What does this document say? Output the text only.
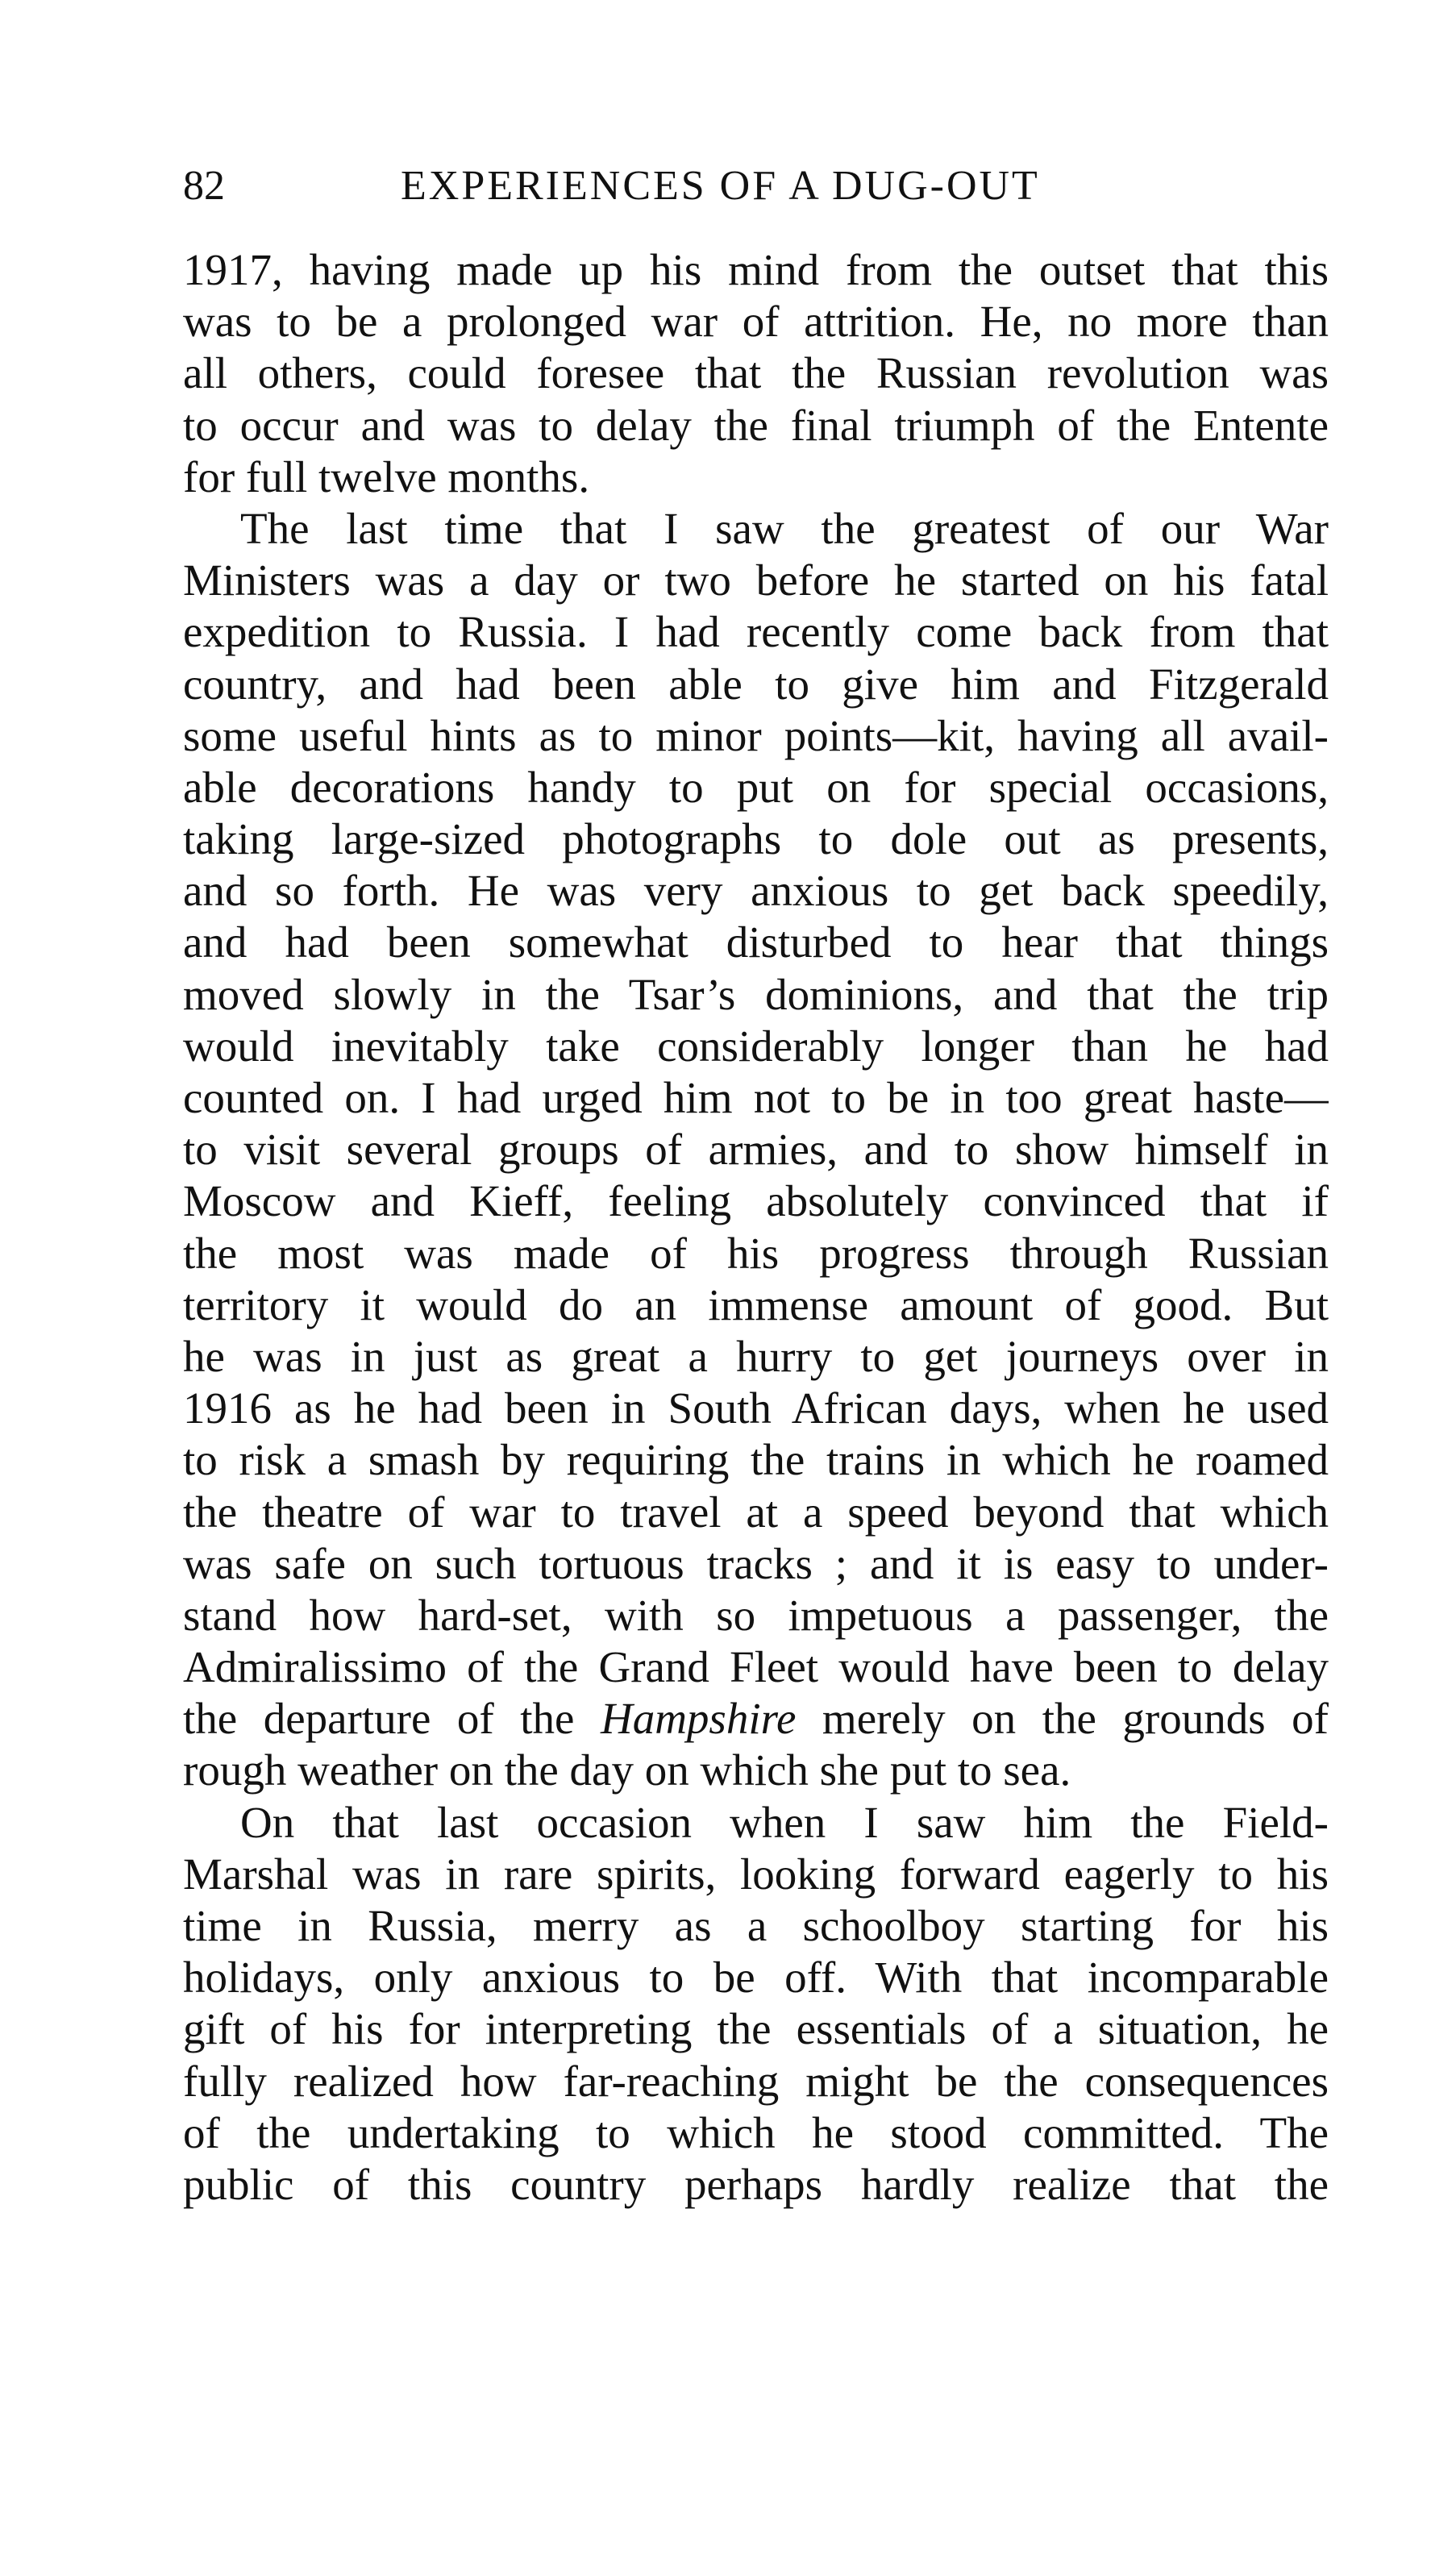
82	EXPERIENCES OF A DUG-OUT
1917, having made up his mind from the outset that this
was to be a prolonged war of attrition. He, no more than
all others, could foresee that the Russian revolution was
to occur and was to delay the final triumph of the Entente
for full twelve months.
The last time that I saw the greatest of our War
Ministers was a day or two before he started on his fatal
expedition to Russia. I had recently come back from that
country, and had been able to give him and Fitzgerald
some useful hints as to minor points—kit, having all avail-
able decorations handy to put on for special occasions,
taking large-sized photographs to dole out as presents,
and so forth. He was very anxious to get back speedily,
and had been somewhat disturbed to hear that things
moved slowly in the Tsar’s dominions, and that the trip
would inevitably take considerably longer than he had
counted on. I had urged him not to be in too great haste—
to visit several groups of armies, and to show himself in
Moscow and Kieff, feeling absolutely convinced that if
the most was made of his progress through Russian
territory it would do an immense amount of good. But
he was in just as great a hurry to get journeys over in
1916 as he had been in South African days, when he used
to risk a smash by requiring the trains in which he roamed
the theatre of war to travel at a speed beyond that which
was safe on such tortuous tracks ; and it is easy to under-
stand how hard-set, with so impetuous a passenger, the
Admiralissimo of the Grand Fleet would have been to delay
the departure of the Hampshire merely on the grounds of
rough weather on the day on which she put to sea.
On that last occasion when I saw him the Field-
Marshal was in rare spirits, looking forward eagerly to his
time in Russia, merry as a schoolboy starting for his
holidays, only anxious to be off. With that incomparable
gift of his for interpreting the essentials of a situation, he
fully realized how far-reaching might be the consequences
of the undertaking to which he stood committed. The
public of this country perhaps hardly realize that the
